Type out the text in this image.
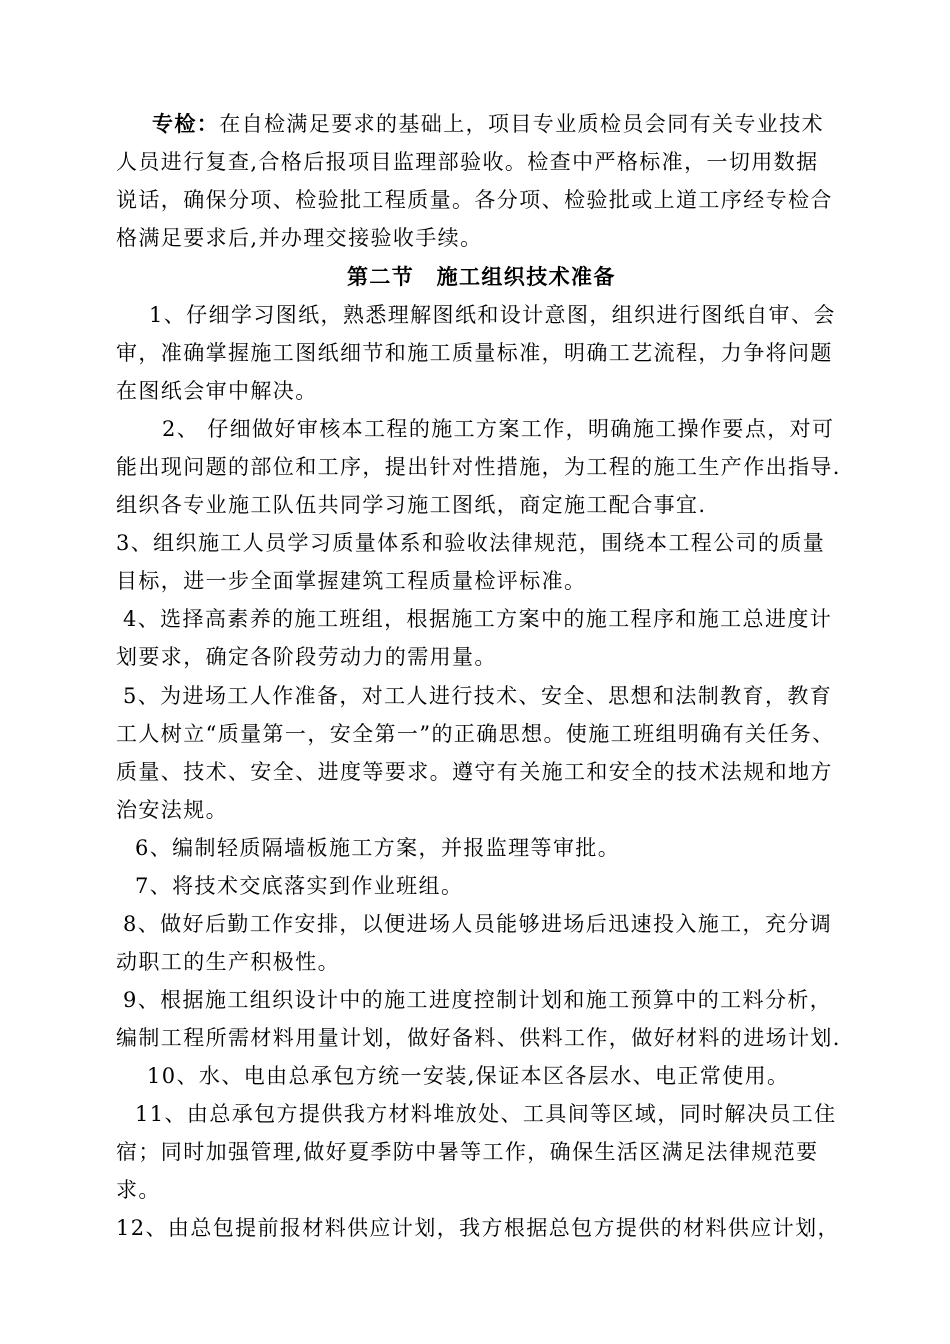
专检：在自检满足要求的基础上，项目专业质检员会同有关专业技术
人员进行复查,合格后报项目监理部验收。检查中严格标准，一切用数据
说话，确保分项、检验批工程质量。各分项、检验批或上道工序经专检合
格满足要求后,并办理交接验收手续。
第二节　施工组织技术准备
1、仔细学习图纸，熟悉理解图纸和设计意图，组织进行图纸自审、会
审，准确掌握施工图纸细节和施工质量标准，明确工艺流程，力争将问题
在图纸会审中解决。
2、 仔细做好审核本工程的施工方案工作，明确施工操作要点，对可
能出现问题的部位和工序，提出针对性措施，为工程的施工生产作出指导.
组织各专业施工队伍共同学习施工图纸，商定施工配合事宜.
3、组织施工人员学习质量体系和验收法律规范，围绕本工程公司的质量
目标，进一步全面掌握建筑工程质量检评标准。
4、选择高素养的施工班组，根据施工方案中的施工程序和施工总进度计
划要求，确定各阶段劳动力的需用量。
5、为进场工人作准备，对工人进行技术、安全、思想和法制教育，教育
工人树立“质量第一，安全第一”的正确思想。使施工班组明确有关任务、
质量、技术、安全、进度等要求。遵守有关施工和安全的技术法规和地方
治安法规。
6、编制轻质隔墙板施工方案，并报监理等审批。
7、将技术交底落实到作业班组。
8、做好后勤工作安排，以便进场人员能够进场后迅速投入施工，充分调
动职工的生产积极性。
9、根据施工组织设计中的施工进度控制计划和施工预算中的工料分析，
编制工程所需材料用量计划，做好备料、供料工作，做好材料的进场计划.
10、水、电由总承包方统一安装,保证本区各层水、电正常使用。
11、由总承包方提供我方材料堆放处、工具间等区域，同时解决员工住
宿；同时加强管理,做好夏季防中暑等工作，确保生活区满足法律规范要
求。
12、由总包提前报材料供应计划，我方根据总包方提供的材料供应计划，
